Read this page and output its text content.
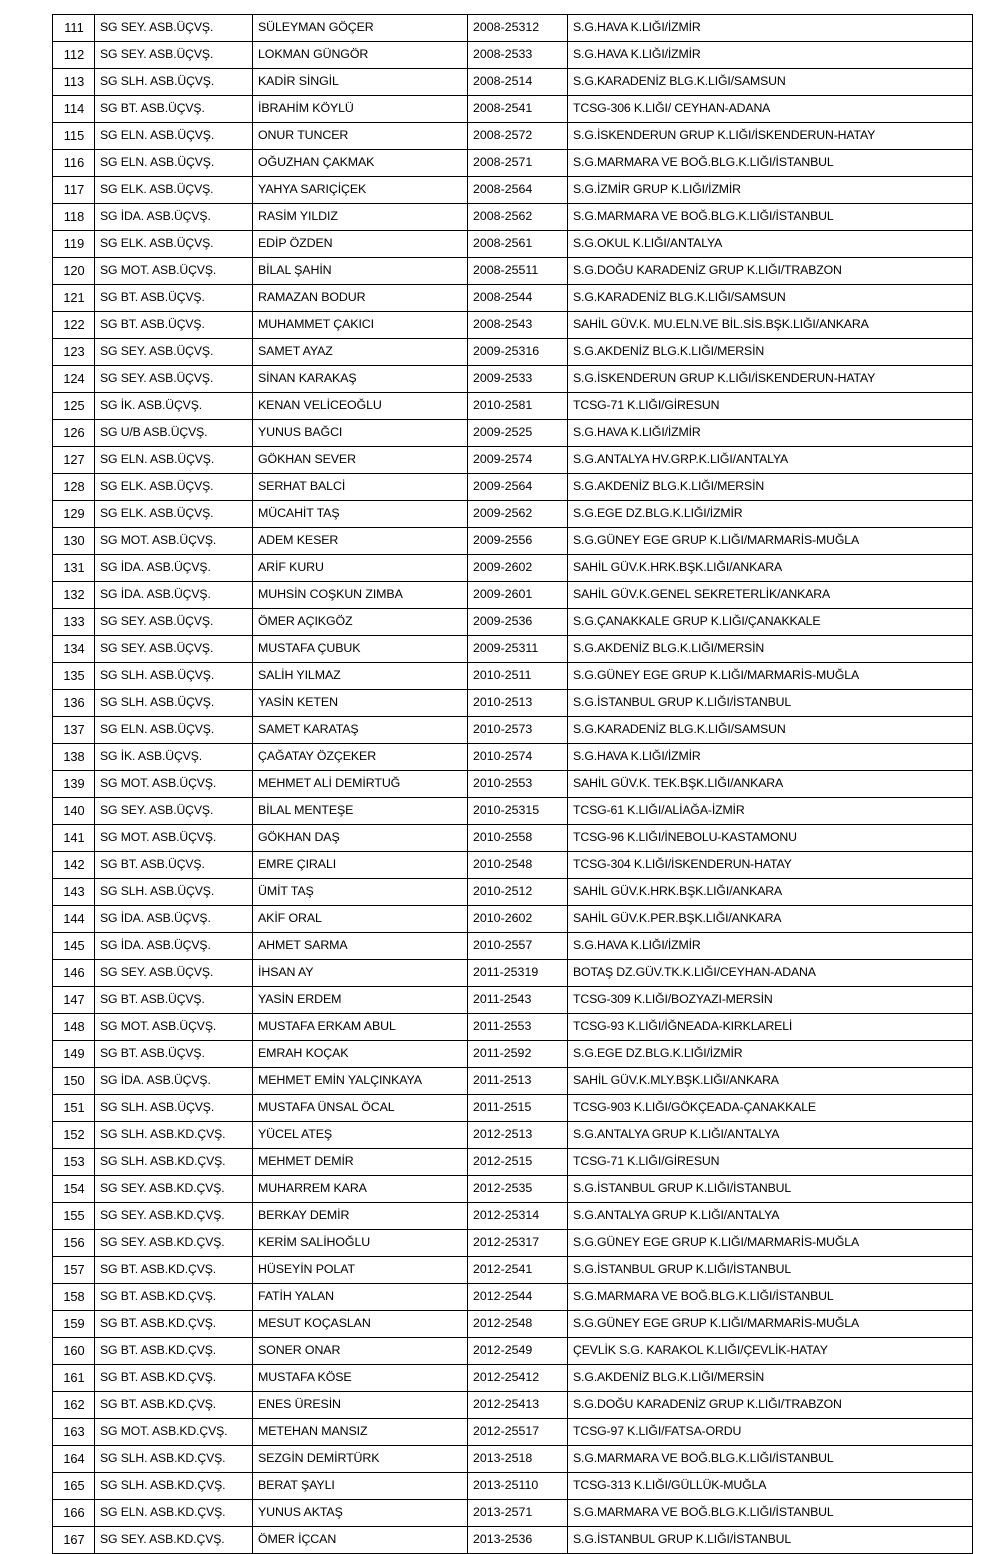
111	SG SEY. ASB.ÜÇVŞ.	SÜLEYMAN GÖÇER	2008-25312	S.G.HAVA K.LIĞI/İZMİR
112	SG SEY. ASB.ÜÇVŞ.	LOKMAN GÜNGÖR	2008-2533	S.G.HAVA K.LIĞI/İZMİR
113	SG SLH. ASB.ÜÇVŞ.	KADİR SİNGİL	2008-2514	S.G.KARADENİZ BLG.K.LIĞI/SAMSUN
114	SG BT. ASB.ÜÇVŞ.	İBRAHİM KÖYLÜ	2008-2541	TCSG-306 K.LIĞI/ CEYHAN-ADANA
115	SG ELN. ASB.ÜÇVŞ.	ONUR TUNCER	2008-2572	S.G.İSKENDERUN GRUP K.LIĞI/İSKENDERUN-HATAY
116	SG ELN. ASB.ÜÇVŞ.	OĞUZHAN ÇAKMAK	2008-2571	S.G.MARMARA VE BOĞ.BLG.K.LIĞI/İSTANBUL
117	SG ELK. ASB.ÜÇVŞ.	YAHYA SARIÇİÇEK	2008-2564	S.G.İZMİR GRUP K.LIĞI/İZMİR
118	SG İDA. ASB.ÜÇVŞ.	RASİM YILDIZ	2008-2562	S.G.MARMARA VE BOĞ.BLG.K.LIĞI/İSTANBUL
119	SG ELK. ASB.ÜÇVŞ.	EDİP ÖZDEN	2008-2561	S.G.OKUL K.LIĞI/ANTALYA
120	SG MOT. ASB.ÜÇVŞ.	BİLAL ŞAHİN	2008-25511	S.G.DOĞU KARADENİZ GRUP K.LIĞI/TRABZON
121	SG BT. ASB.ÜÇVŞ.	RAMAZAN BODUR	2008-2544	S.G.KARADENİZ BLG.K.LIĞI/SAMSUN
122	SG BT. ASB.ÜÇVŞ.	MUHAMMET ÇAKICI	2008-2543	SAHİL GÜV.K. MU.ELN.VE BİL.SİS.BŞK.LIĞI/ANKARA
123	SG SEY. ASB.ÜÇVŞ.	SAMET AYAZ	2009-25316	S.G.AKDENİZ BLG.K.LIĞI/MERSİN
124	SG SEY. ASB.ÜÇVŞ.	SİNAN KARAKAŞ	2009-2533	S.G.İSKENDERUN GRUP K.LIĞI/İSKENDERUN-HATAY
125	SG İK. ASB.ÜÇVŞ.	KENAN VELİCEOĞLU	2010-2581	TCSG-71 K.LIĞI/GİRESUN
126	SG U/B ASB.ÜÇVŞ.	YUNUS BAĞCI	2009-2525	S.G.HAVA K.LIĞI/İZMİR
127	SG ELN. ASB.ÜÇVŞ.	GÖKHAN SEVER	2009-2574	S.G.ANTALYA HV.GRP.K.LIĞI/ANTALYA
128	SG ELK. ASB.ÜÇVŞ.	SERHAT BALCİ	2009-2564	S.G.AKDENİZ BLG.K.LIĞI/MERSİN
129	SG ELK. ASB.ÜÇVŞ.	MÜCAHİT TAŞ	2009-2562	S.G.EGE DZ.BLG.K.LIĞI/İZMİR
130	SG MOT. ASB.ÜÇVŞ.	ADEM KESER	2009-2556	S.G.GÜNEY EGE GRUP K.LIĞI/MARMARİS-MUĞLA
131	SG İDA. ASB.ÜÇVŞ.	ARİF KURU	2009-2602	SAHİL GÜV.K.HRK.BŞK.LIĞI/ANKARA
132	SG İDA. ASB.ÜÇVŞ.	MUHSİN COŞKUN ZIMBA	2009-2601	SAHİL GÜV.K.GENEL SEKRETERLİK/ANKARA
133	SG SEY. ASB.ÜÇVŞ.	ÖMER AÇIKGÖZ	2009-2536	S.G.ÇANAKKALE GRUP K.LIĞI/ÇANAKKALE
134	SG SEY. ASB.ÜÇVŞ.	MUSTAFA ÇUBUK	2009-25311	S.G.AKDENİZ BLG.K.LIĞI/MERSİN
135	SG SLH. ASB.ÜÇVŞ.	SALİH YILMAZ	2010-2511	S.G.GÜNEY EGE GRUP K.LIĞI/MARMARİS-MUĞLA
136	SG SLH. ASB.ÜÇVŞ.	YASİN KETEN	2010-2513	S.G.İSTANBUL GRUP K.LIĞI/İSTANBUL
137	SG ELN. ASB.ÜÇVŞ.	SAMET KARATAŞ	2010-2573	S.G.KARADENİZ BLG.K.LIĞI/SAMSUN
138	SG İK. ASB.ÜÇVŞ.	ÇAĞATAY ÖZÇEKER	2010-2574	S.G.HAVA K.LIĞI/İZMİR
139	SG MOT. ASB.ÜÇVŞ.	MEHMET ALİ DEMİRTUĞ	2010-2553	SAHİL GÜV.K. TEK.BŞK.LIĞI/ANKARA
140	SG SEY. ASB.ÜÇVŞ.	BİLAL MENTEŞE	2010-25315	TCSG-61 K.LIĞI/ALİAĞA-İZMİR
141	SG MOT. ASB.ÜÇVŞ.	GÖKHAN DAŞ	2010-2558	TCSG-96 K.LIĞI/İNEBOLU-KASTAMONU
142	SG BT. ASB.ÜÇVŞ.	EMRE ÇIRALI	2010-2548	TCSG-304 K.LIĞI/İSKENDERUN-HATAY
143	SG SLH. ASB.ÜÇVŞ.	ÜMİT TAŞ	2010-2512	SAHİL GÜV.K.HRK.BŞK.LIĞI/ANKARA
144	SG İDA. ASB.ÜÇVŞ.	AKİF ORAL	2010-2602	SAHİL GÜV.K.PER.BŞK.LIĞI/ANKARA
145	SG İDA. ASB.ÜÇVŞ.	AHMET SARMA	2010-2557	S.G.HAVA K.LIĞI/İZMİR
146	SG SEY. ASB.ÜÇVŞ.	İHSAN AY	2011-25319	BOTAŞ DZ.GÜV.TK.K.LIĞI/CEYHAN-ADANA
147	SG BT. ASB.ÜÇVŞ.	YASİN ERDEM	2011-2543	TCSG-309 K.LIĞI/BOZYAZI-MERSİN
148	SG MOT. ASB.ÜÇVŞ.	MUSTAFA ERKAM ABUL	2011-2553	TCSG-93 K.LIĞI/İĞNEADA-KIRKLARELİ
149	SG BT. ASB.ÜÇVŞ.	EMRAH KOÇAK	2011-2592	S.G.EGE DZ.BLG.K.LIĞI/İZMİR
150	SG İDA. ASB.ÜÇVŞ.	MEHMET EMİN YALÇINKAYA	2011-2513	SAHİL GÜV.K.MLY.BŞK.LIĞI/ANKARA
151	SG SLH. ASB.ÜÇVŞ.	MUSTAFA ÜNSAL ÖCAL	2011-2515	TCSG-903 K.LIĞI/GÖKÇEADA-ÇANAKKALE
152	SG SLH. ASB.KD.ÇVŞ.	YÜCEL ATEŞ	2012-2513	S.G.ANTALYA GRUP K.LIĞI/ANTALYA
153	SG SLH. ASB.KD.ÇVŞ.	MEHMET DEMİR	2012-2515	TCSG-71 K.LIĞI/GİRESUN
154	SG SEY. ASB.KD.ÇVŞ.	MUHARREM KARA	2012-2535	S.G.İSTANBUL GRUP K.LIĞI/İSTANBUL
155	SG SEY. ASB.KD.ÇVŞ.	BERKAY DEMİR	2012-25314	S.G.ANTALYA GRUP K.LIĞI/ANTALYA
156	SG SEY. ASB.KD.ÇVŞ.	KERİM SALİHOĞLU	2012-25317	S.G.GÜNEY EGE GRUP K.LIĞI/MARMARİS-MUĞLA
157	SG BT. ASB.KD.ÇVŞ.	HÜSEYİN POLAT	2012-2541	S.G.İSTANBUL GRUP K.LIĞI/İSTANBUL
158	SG BT. ASB.KD.ÇVŞ.	FATİH YALAN	2012-2544	S.G.MARMARA VE BOĞ.BLG.K.LIĞI/İSTANBUL
159	SG BT. ASB.KD.ÇVŞ.	MESUT KOÇASLAN	2012-2548	S.G.GÜNEY EGE GRUP K.LIĞI/MARMARİS-MUĞLA
160	SG BT. ASB.KD.ÇVŞ.	SONER ONAR	2012-2549	ÇEVLİK S.G. KARAKOL K.LIĞI/ÇEVLİK-HATAY
161	SG BT. ASB.KD.ÇVŞ.	MUSTAFA KÖSE	2012-25412	S.G.AKDENİZ BLG.K.LIĞI/MERSİN
162	SG BT. ASB.KD.ÇVŞ.	ENES ÜRESİN	2012-25413	S.G.DOĞU KARADENİZ GRUP K.LIĞI/TRABZON
163	SG MOT. ASB.KD.ÇVŞ.	METEHAN MANSIZ	2012-25517	TCSG-97 K.LIĞI/FATSA-ORDU
164	SG SLH. ASB.KD.ÇVŞ.	SEZGİN DEMİRTÜRK	2013-2518	S.G.MARMARA VE BOĞ.BLG.K.LIĞI/İSTANBUL
165	SG SLH. ASB.KD.ÇVŞ.	BERAT ŞAYLI	2013-25110	TCSG-313 K.LIĞI/GÜLLÜK-MUĞLA
166	SG ELN. ASB.KD.ÇVŞ.	YUNUS AKTAŞ	2013-2571	S.G.MARMARA VE BOĞ.BLG.K.LIĞI/İSTANBUL
167	SG SEY. ASB.KD.ÇVŞ.	ÖMER İÇCAN	2013-2536	S.G.İSTANBUL GRUP K.LIĞI/İSTANBUL
